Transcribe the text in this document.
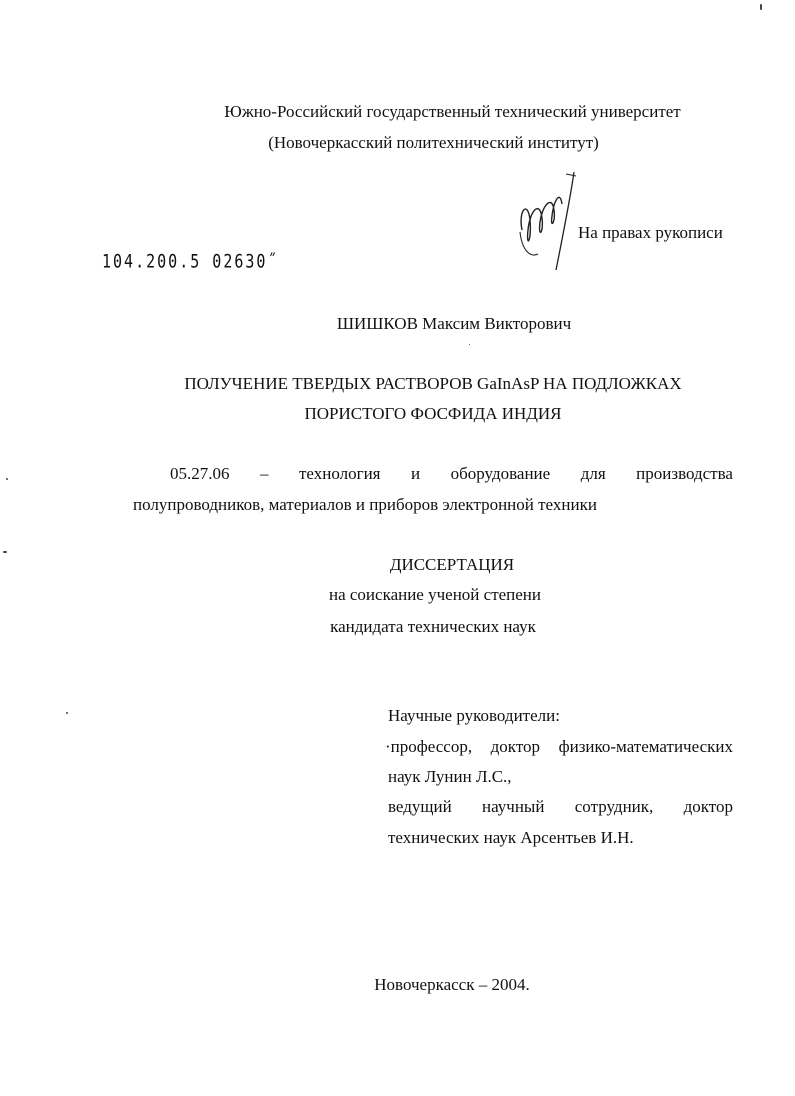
Южно-Российский государственный технический университет
(Новочеркасский политехнический институт)
На правах рукописи
104.200.5 02630˝
ШИШКОВ Максим Викторович
ПОЛУЧЕНИЕ ТВЕРДЫХ РАСТВОРОВ GaInAsP НА ПОДЛОЖКАХ
ПОРИСТОГО ФОСФИДА ИНДИЯ
05.27.06 – технология и оборудование для производства
полупроводников, материалов и приборов электронной техники
ДИССЕРТАЦИЯ
на соискание ученой степени
кандидата технических наук
Научные руководители:
·профессор, доктор физико-математических
наук Лунин Л.С.,
ведущий научный сотрудник, доктор
технических наук Арсентьев И.Н.
Новочеркасск – 2004.
